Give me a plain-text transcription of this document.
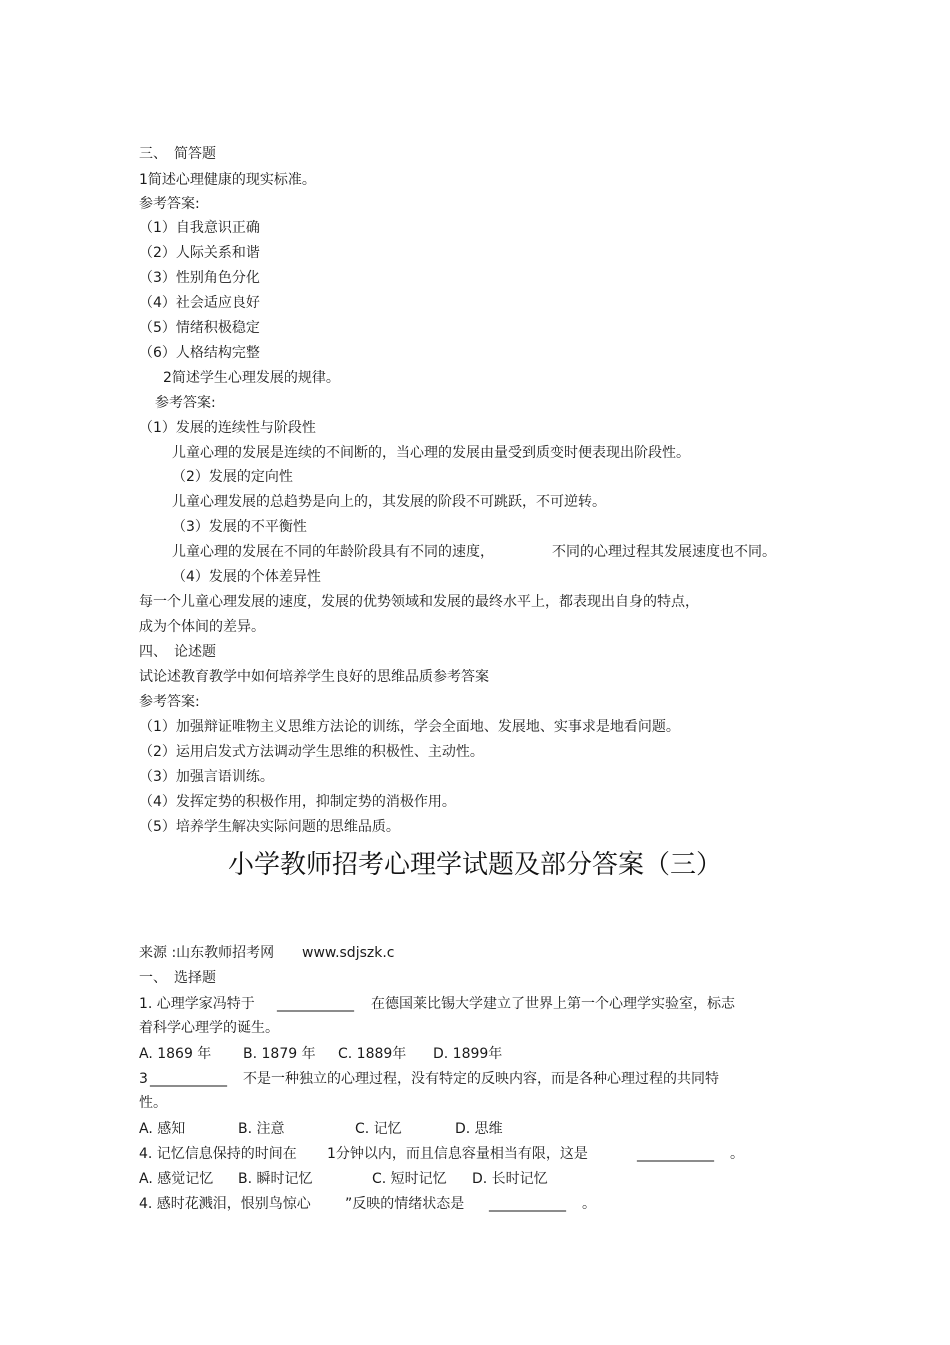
三、　简答题
1简述心理健康的现实标准。
参考答案:
（1）自我意识正确
（2）人际关系和谐
（3）性别角色分化
（4）社会适应良好
（5）情绪积极稳定
（6）人格结构完整
2简述学生心理发展的规律。
参考答案:
（1）发展的连续性与阶段性
儿童心理的发展是连续的不间断的，当心理的发展由量受到质变时便表现出阶段性。
（2）发展的定向性
儿童心理发展的总趋势是向上的，其发展的阶段不可跳跃，不可逆转。
（3）发展的不平衡性
儿童心理的发展在不同的年龄阶段具有不同的速度，	不同的心理过程其发展速度也不同。
（4）发展的个体差异性
每一个儿童心理发展的速度，发展的优势领域和发展的最终水平上，都表现出自身的特点，
成为个体间的差异。
四、　论述题
试论述教育教学中如何培养学生良好的思维品质参考答案
参考答案:
（1）加强辩证唯物主义思维方法论的训练，学会全面地、发展地、实事求是地看问题。
（2）运用启发式方法调动学生思维的积极性、主动性。
（3）加强言语训练。
（4）发挥定势的积极作用，抑制定势的消极作用。
（5）培养学生解决实际问题的思维品质。
小学教师招考心理学试题及部分答案（三）
来源 :山东教师招考网 www.sdjszk.c
一、　选择题
1. 心理学家冯特于 ___________ 在德国莱比锡大学建立了世界上第一个心理学实验室，标志
着科学心理学的诞生。
A. 1869 年 B. 1879 年 C. 1889年 D. 1899年
3 ___________ 不是一种独立的心理过程，没有特定的反映内容，而是各种心理过程的共同特
性。
A. 感知	B. 注意	C. 记忆	D. 思维
4. 记忆信息保持的时间在 1分钟以内，而且信息容量相当有限，这是	___________ 。
A. 感觉记忆 B. 瞬时记忆	C. 短时记忆 D. 长时记忆
4. 感时花溅泪，恨别鸟惊心 ”反映的情绪状态是 ___________ 。
